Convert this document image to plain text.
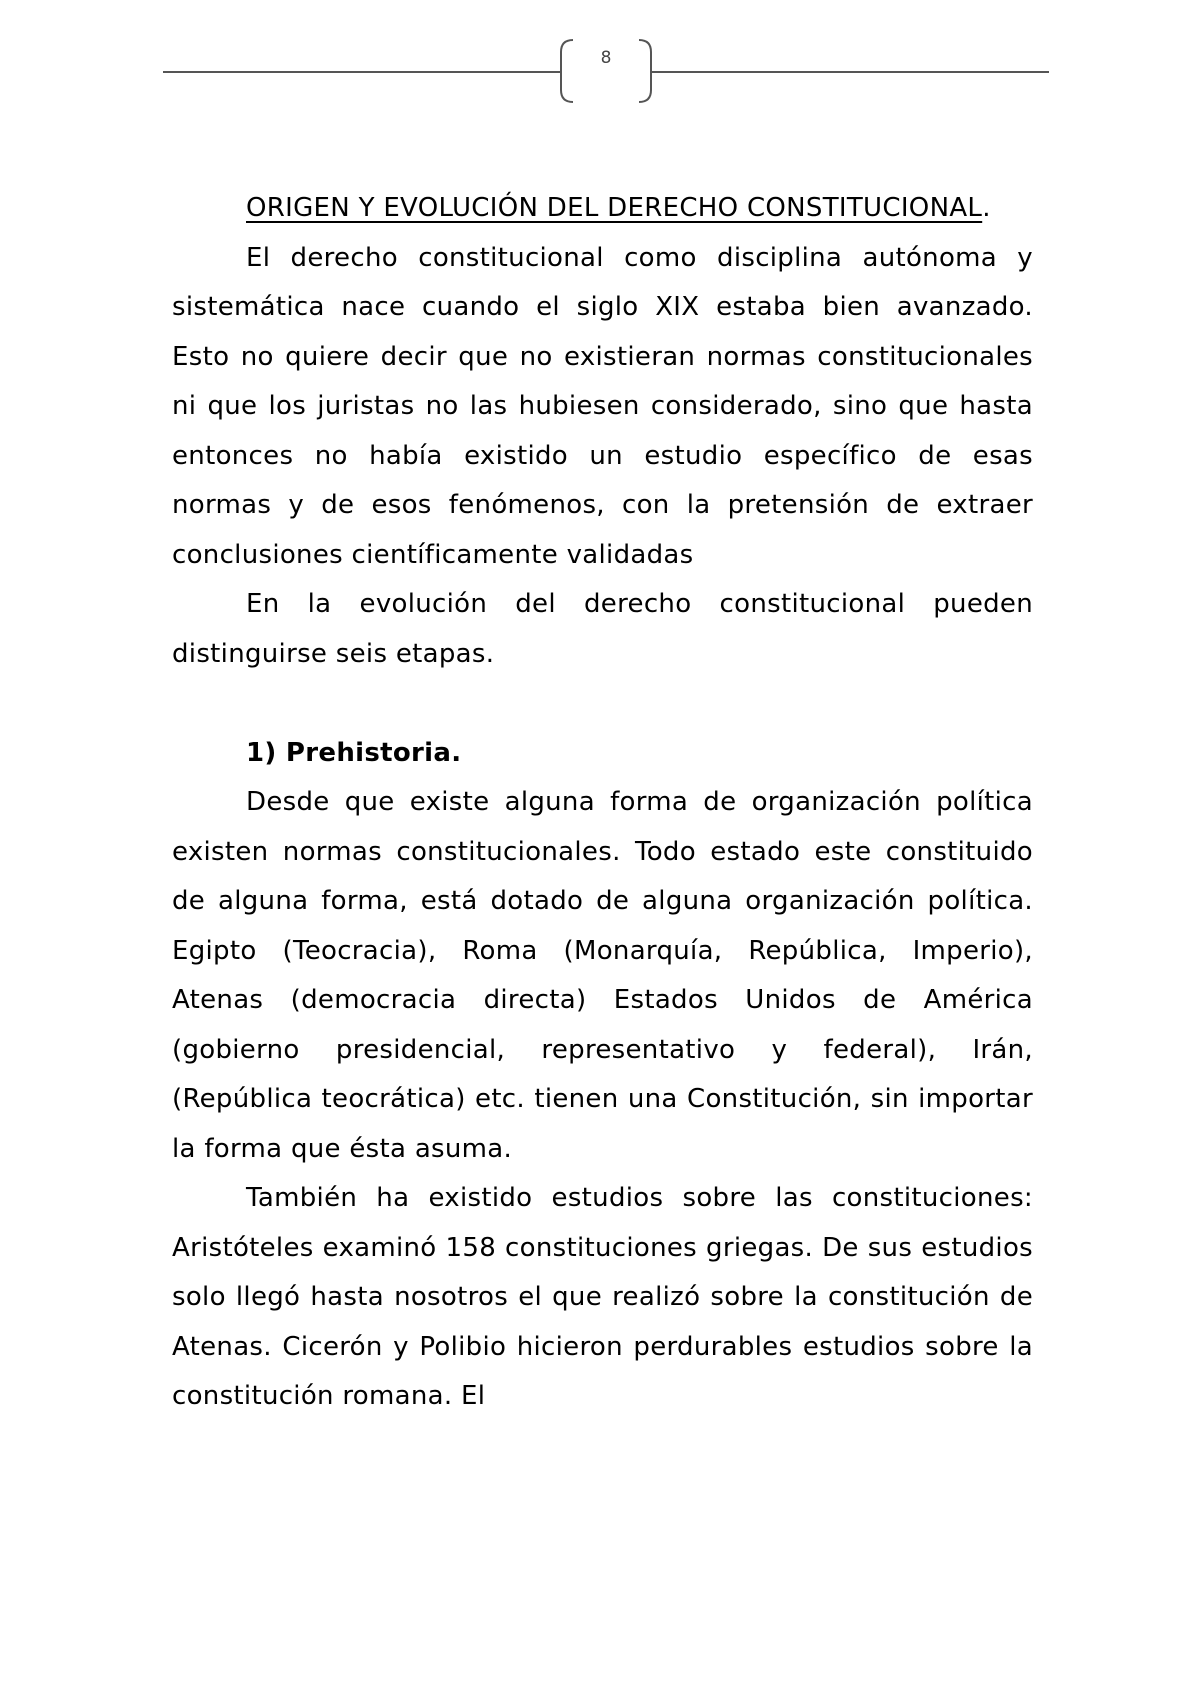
8

ORIGEN Y EVOLUCIÓN DEL DERECHO CONSTITUCIONAL.

El derecho constitucional como disciplina autónoma y sistemática nace cuando el siglo XIX estaba bien avanzado. Esto no quiere decir que no existieran normas constitucionales ni que los juristas no las hubiesen considerado, sino que hasta entonces no había existido un estudio específico de esas normas y de esos fenómenos, con la pretensión de extraer conclusiones científicamente validadas

En la evolución del derecho constitucional pueden distinguirse seis etapas.

1) Prehistoria.

Desde que existe alguna forma de organización política existen normas constitucionales. Todo estado este constituido de alguna forma, está dotado de alguna organización política. Egipto (Teocracia), Roma (Monarquía, República, Imperio), Atenas (democracia directa) Estados Unidos de América (gobierno presidencial, representativo y federal), Irán, (República teocrática) etc. tienen una Constitución, sin importar la forma que ésta asuma.

También ha existido estudios sobre las constituciones: Aristóteles examinó 158 constituciones griegas. De sus estudios solo llegó hasta nosotros el que realizó sobre la constitución de Atenas. Cicerón y Polibio hicieron perdurables estudios sobre la constitución romana. El
